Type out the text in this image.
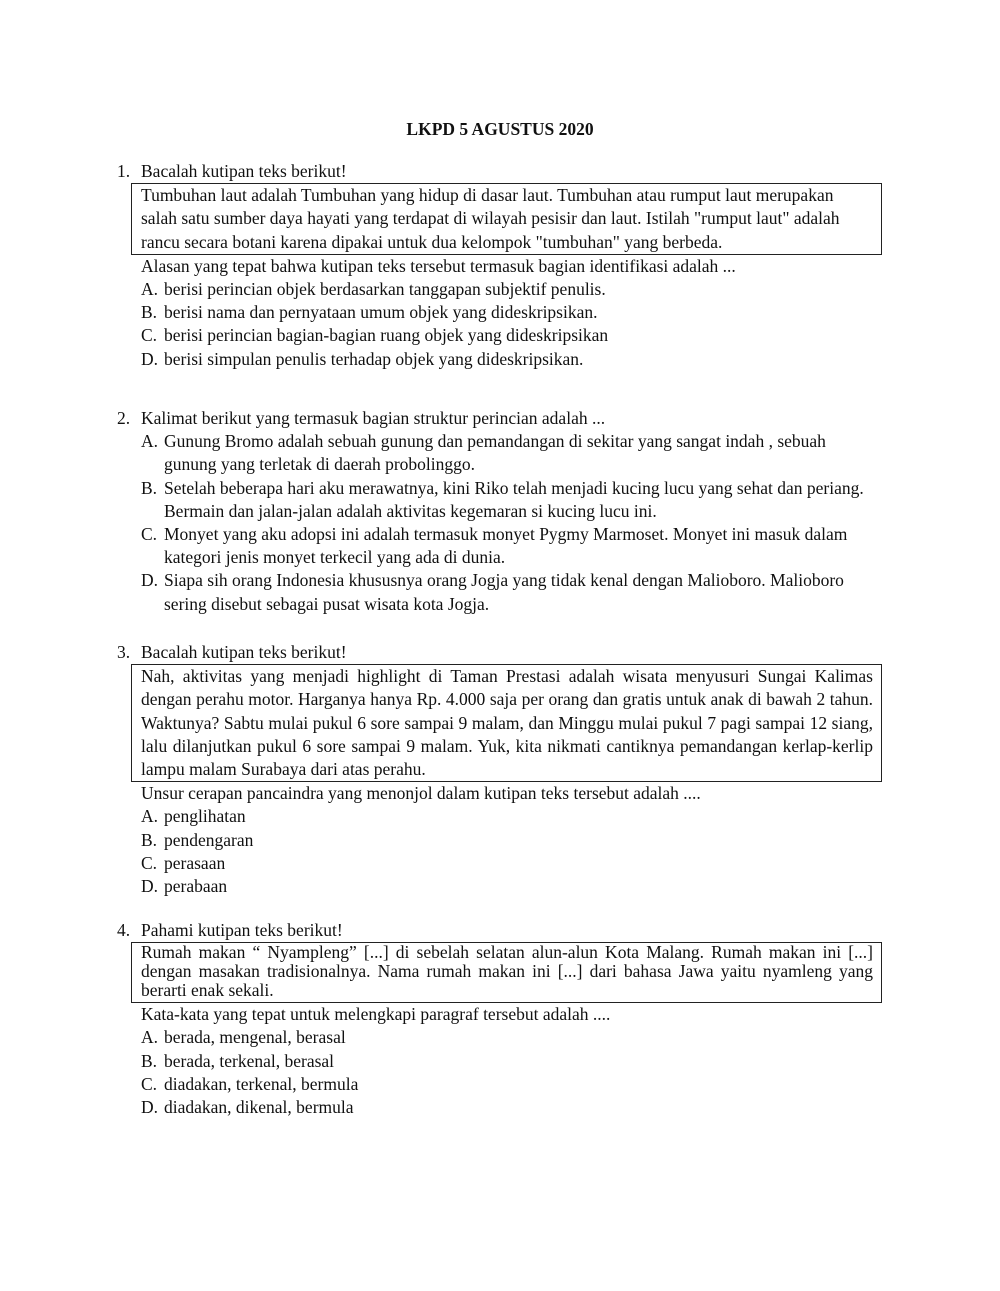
LKPD 5 AGUSTUS 2020
1. Bacalah kutipan teks berikut!
Tumbuhan laut adalah Tumbuhan yang hidup di dasar laut. Tumbuhan atau rumput laut merupakan salah satu sumber daya hayati yang terdapat di wilayah pesisir dan laut. Istilah "rumput laut" adalah rancu secara botani karena dipakai untuk dua kelompok "tumbuhan" yang berbeda.
Alasan yang tepat bahwa kutipan teks tersebut termasuk bagian identifikasi adalah ...
A. berisi perincian objek berdasarkan tanggapan subjektif penulis.
B. berisi nama dan pernyataan umum objek yang dideskripsikan.
C. berisi perincian bagian-bagian ruang objek yang dideskripsikan
D. berisi simpulan penulis terhadap objek yang dideskripsikan.
2. Kalimat berikut yang termasuk bagian struktur perincian adalah ...
A. Gunung Bromo adalah sebuah gunung dan pemandangan di sekitar yang sangat indah , sebuah gunung yang terletak di daerah probolinggo.
B. Setelah beberapa hari aku merawatnya, kini Riko telah menjadi kucing lucu yang sehat dan periang. Bermain dan jalan-jalan adalah aktivitas kegemaran si kucing lucu ini.
C. Monyet yang aku adopsi ini adalah termasuk monyet Pygmy Marmoset. Monyet ini masuk dalam kategori jenis monyet terkecil yang ada di dunia.
D. Siapa sih orang Indonesia khususnya orang Jogja yang tidak kenal dengan Malioboro. Malioboro sering disebut sebagai pusat wisata kota Jogja.
3. Bacalah kutipan teks berikut!
Nah, aktivitas yang menjadi highlight di Taman Prestasi adalah wisata menyusuri Sungai Kalimas dengan perahu motor. Harganya hanya Rp. 4.000 saja per orang dan gratis untuk anak di bawah 2 tahun. Waktunya? Sabtu mulai pukul 6 sore sampai 9 malam, dan Minggu mulai pukul 7 pagi sampai 12 siang, lalu dilanjutkan pukul 6 sore sampai 9 malam. Yuk, kita nikmati cantiknya pemandangan kerlap-kerlip lampu malam Surabaya dari atas perahu.
Unsur cerapan pancaindra yang menonjol dalam kutipan teks tersebut adalah ....
A. penglihatan
B. pendengaran
C. perasaan
D. perabaan
4. Pahami kutipan teks berikut!
Rumah makan “ Nyampleng” [...] di sebelah selatan alun-alun Kota Malang. Rumah makan ini [...] dengan masakan tradisionalnya. Nama rumah makan ini [...] dari bahasa Jawa yaitu nyamleng yang berarti enak sekali.
Kata-kata yang tepat untuk melengkapi paragraf tersebut adalah ....
A. berada, mengenal, berasal
B. berada, terkenal, berasal
C. diadakan, terkenal, bermula
D. diadakan, dikenal, bermula
